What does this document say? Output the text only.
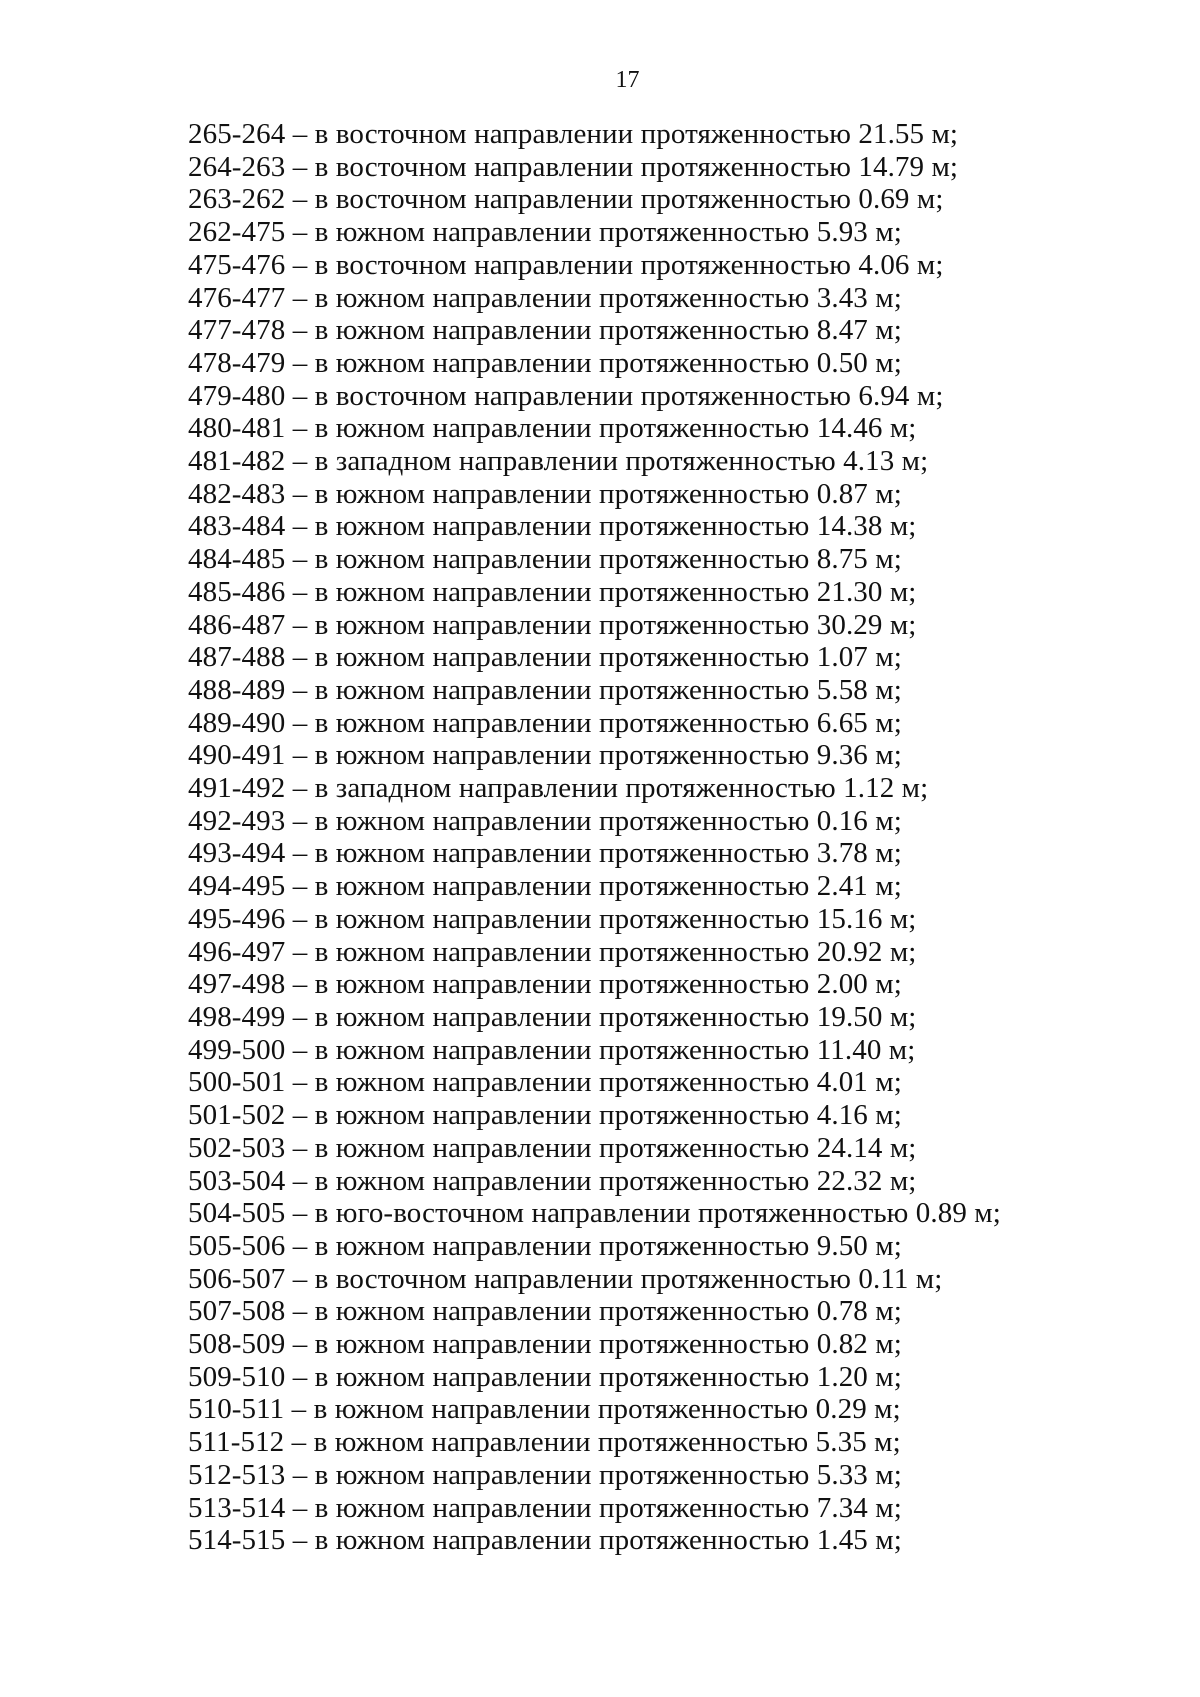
17
265-264 – в восточном направлении протяженностью 21.55 м;
264-263 – в восточном направлении протяженностью 14.79 м;
263-262 – в восточном направлении протяженностью 0.69 м;
262-475 – в южном направлении протяженностью 5.93 м;
475-476 – в восточном направлении протяженностью 4.06 м;
476-477 – в южном направлении протяженностью 3.43 м;
477-478 – в южном направлении протяженностью 8.47 м;
478-479 – в южном направлении протяженностью 0.50 м;
479-480 – в восточном направлении протяженностью 6.94 м;
480-481 – в южном направлении протяженностью 14.46 м;
481-482 – в западном направлении протяженностью 4.13 м;
482-483 – в южном направлении протяженностью 0.87 м;
483-484 – в южном направлении протяженностью 14.38 м;
484-485 – в южном направлении протяженностью 8.75 м;
485-486 – в южном направлении протяженностью 21.30 м;
486-487 – в южном направлении протяженностью 30.29 м;
487-488 – в южном направлении протяженностью 1.07 м;
488-489 – в южном направлении протяженностью 5.58 м;
489-490 – в южном направлении протяженностью 6.65 м;
490-491 – в южном направлении протяженностью 9.36 м;
491-492 – в западном направлении протяженностью 1.12 м;
492-493 – в южном направлении протяженностью 0.16 м;
493-494 – в южном направлении протяженностью 3.78 м;
494-495 – в южном направлении протяженностью 2.41 м;
495-496 – в южном направлении протяженностью 15.16 м;
496-497 – в южном направлении протяженностью 20.92 м;
497-498 – в южном направлении протяженностью 2.00 м;
498-499 – в южном направлении протяженностью 19.50 м;
499-500 – в южном направлении протяженностью 11.40 м;
500-501 – в южном направлении протяженностью 4.01 м;
501-502 – в южном направлении протяженностью 4.16 м;
502-503 – в южном направлении протяженностью 24.14 м;
503-504 – в южном направлении протяженностью 22.32 м;
504-505 – в юго-восточном направлении протяженностью 0.89 м;
505-506 – в южном направлении протяженностью 9.50 м;
506-507 – в восточном направлении протяженностью 0.11 м;
507-508 – в южном направлении протяженностью 0.78 м;
508-509 – в южном направлении протяженностью 0.82 м;
509-510 – в южном направлении протяженностью 1.20 м;
510-511 – в южном направлении протяженностью 0.29 м;
511-512 – в южном направлении протяженностью 5.35 м;
512-513 – в южном направлении протяженностью 5.33 м;
513-514 – в южном направлении протяженностью 7.34 м;
514-515 – в южном направлении протяженностью 1.45 м;
